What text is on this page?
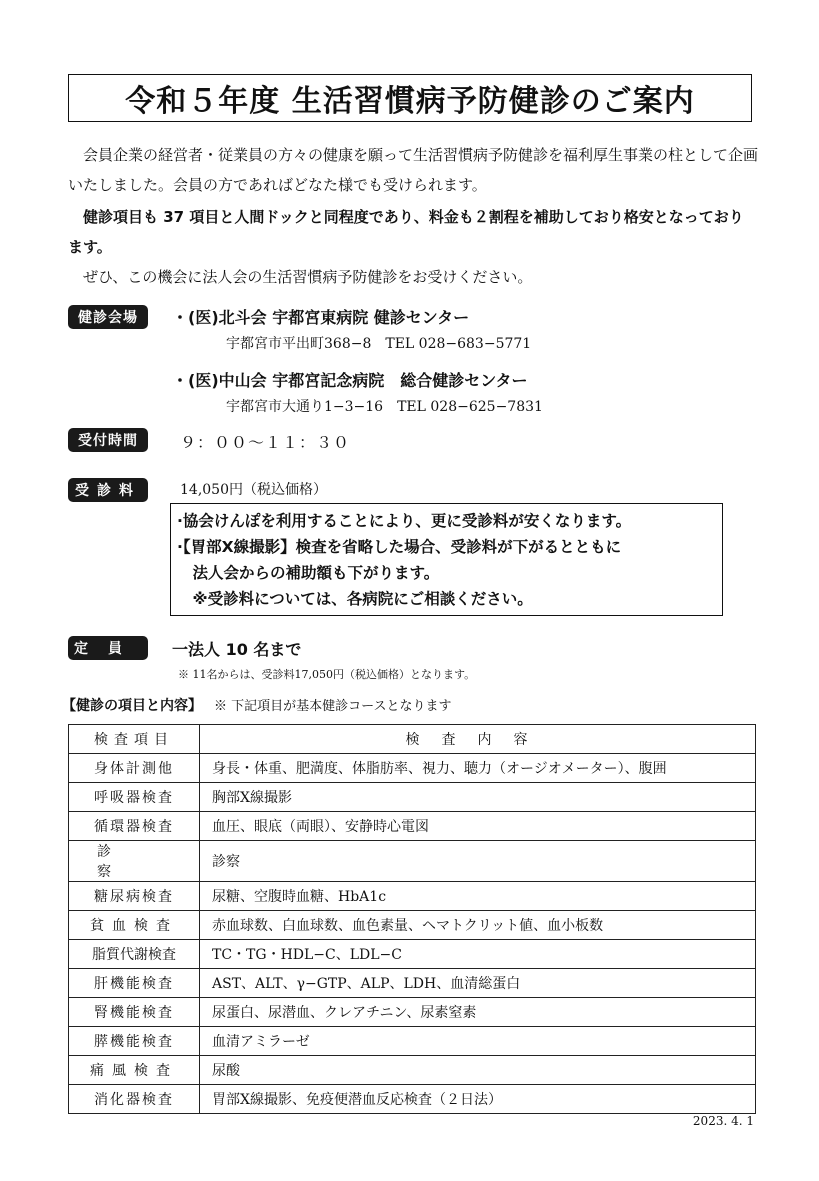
令和５年度 生活習慣病予防健診のご案内
会員企業の経営者・従業員の方々の健康を願って生活習慣病予防健診を福利厚生事業の柱として企画いたしました。会員の方であればどなた様でも受けられます。
健診項目も 37 項目と人間ドックと同程度であり、料金も２割程を補助しており格安となっております。
ぜひ、この機会に法人会の生活習慣病予防健診をお受けください。
健診会場	・(医)北斗会 宇都宮東病院 健診センター
宇都宮市平出町368−8　TEL 028−683−5771
・(医)中山会 宇都宮記念病院　総合健診センター
宇都宮市大通り1−3−16　TEL 028−625−7831
受付時間	９：００～１１：３０
受診料	14,050円（税込価格）
·協会けんぽを利用することにより、更に受診料が安くなります。
·【胃部X線撮影】検査を省略した場合、受診料が下がるとともに
　法人会からの補助額も下がります。
　※受診料については、各病院にご相談ください。
定員	一法人 10 名まで
※ 11名からは、受診料17,050円（税込価格）となります。
【健診の項目と内容】 ※ 下記項目が基本健診コースとなります
検査項目	検査内容
身体計測他	身長・体重、肥満度、体脂肪率、視力、聴力（オージオメーター）、腹囲
呼吸器検査	胸部X線撮影
循環器検査	血圧、眼底（両眼）、安静時心電図
診察	診察
糖尿病検査	尿糖、空腹時血糖、HbA1c
貧血検査	赤血球数、白血球数、血色素量、ヘマトクリット値、血小板数
脂質代謝検査	TC・TG・HDL−C、LDL−C
肝機能検査	AST、ALT、γ−GTP、ALP、LDH、血清総蛋白
腎機能検査	尿蛋白、尿潜血、クレアチニン、尿素窒素
膵機能検査	血清アミラーゼ
痛風検査	尿酸
消化器検査	胃部X線撮影、免疫便潜血反応検査（２日法）
2023. 4. 1
